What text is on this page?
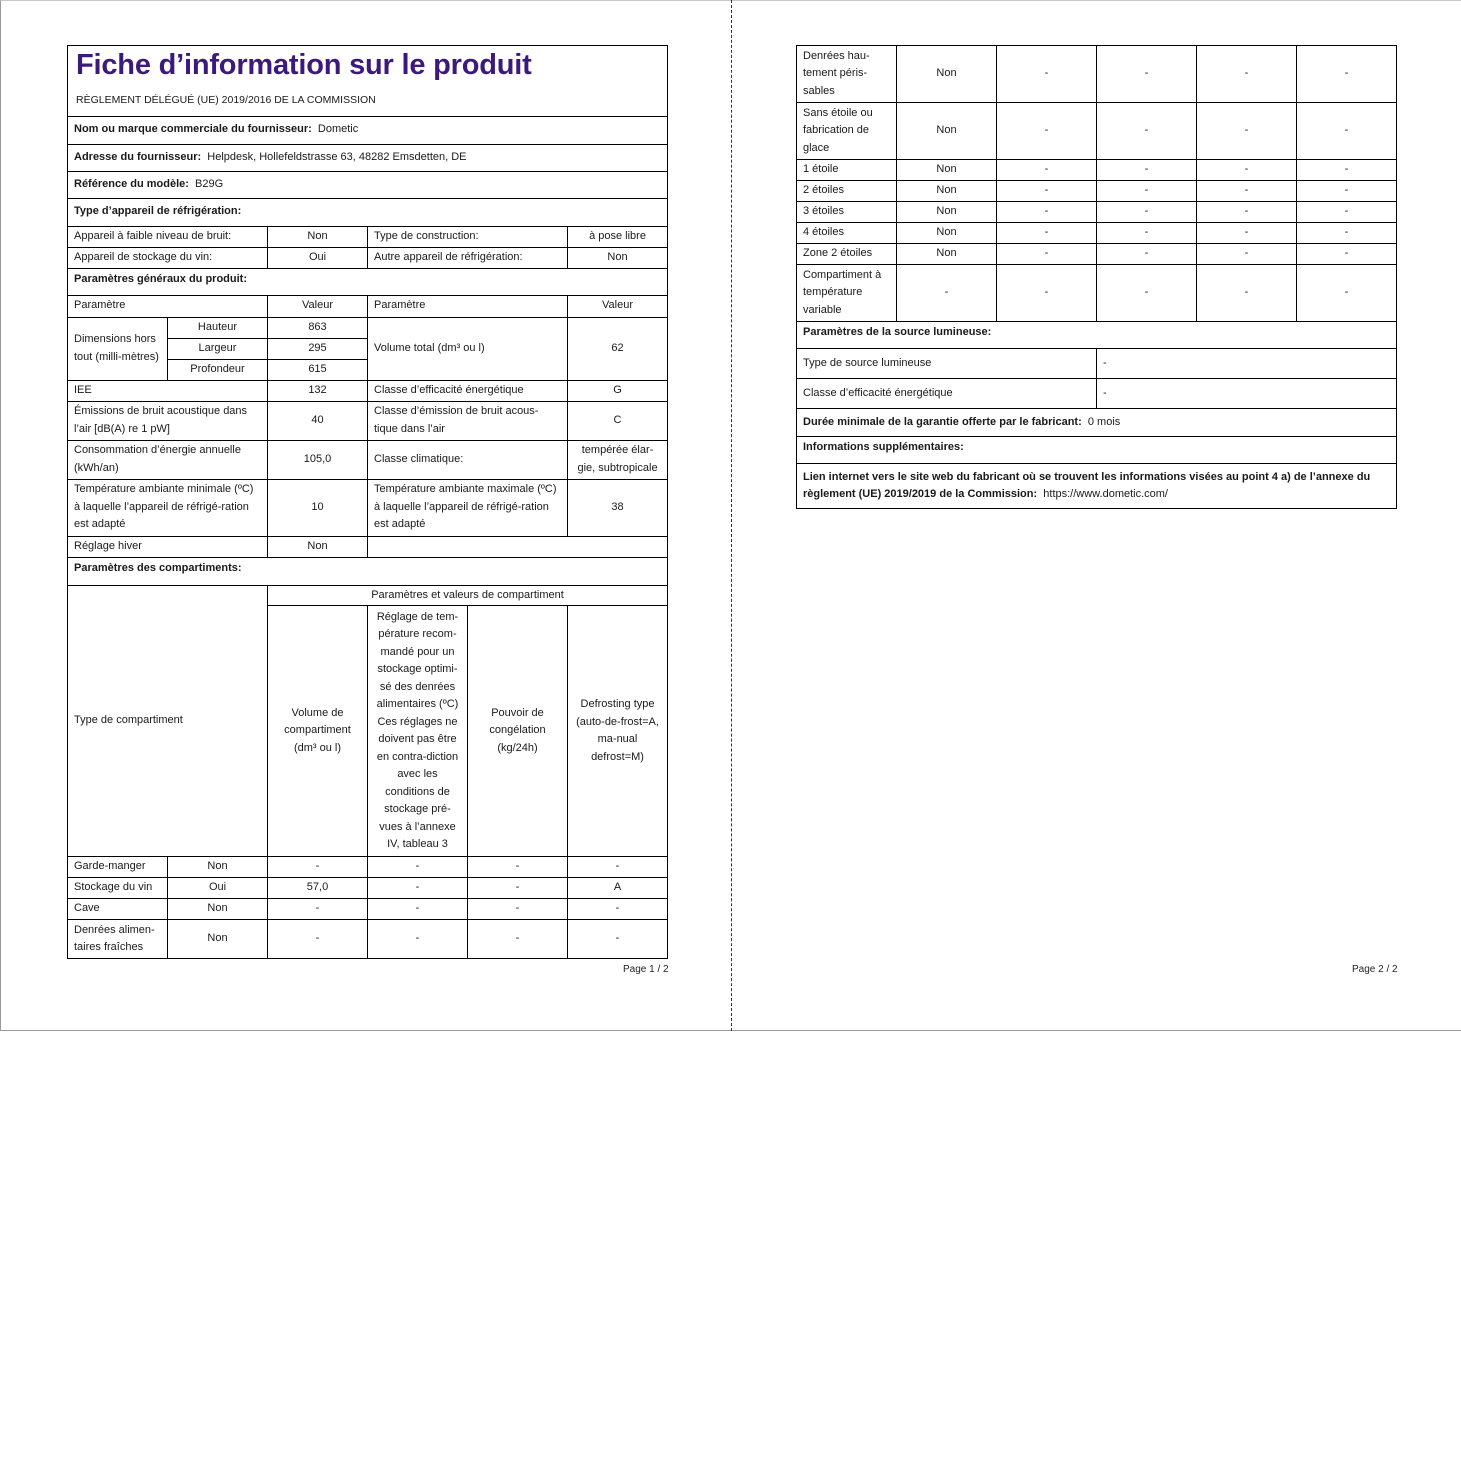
Fiche d’information sur le produit
RÈGLEMENT DÉLÉGUÉ (UE) 2019/2016 DE LA COMMISSION					

Nom ou marque commerciale du fournisseur: Dometic					
Adresse du fournisseur: Helpdesk, Hollefeldstrasse 63, 48282 Emsdetten, DE					
Référence du modèle: B29G					
Type d’appareil de réfrigération:					
Appareil à faible niveau de bruit:		Non	Type de construction:		à pose libre
Appareil de stockage du vin:		Oui	Autre appareil de réfrigération:		Non
Paramètres généraux du produit:					
Paramètre		Valeur	Paramètre		Valeur
Dimensions hors tout (milli-mètres)	Hauteur	863	Volume total (dm³ ou l)		62
	Largeur	295			
	Profondeur	615			
IEE		132	Classe d’efficacité énergétique		G
Émissions de bruit acoustique dans l’air [dB(A) re 1 pW]		40	Classe d’émission de bruit acous-tique dans l’air		C
Consommation d’énergie annuelle (kWh/an)		105,0	Classe climatique:		tempérée élar-gie, subtropicale
Température ambiante minimale (ºC) à laquelle l’appareil de réfrigé-ration est adapté		10	Température ambiante maximale (ºC) à laquelle l’appareil de réfrigé-ration est adapté		38
Réglage hiver		Non			
Paramètres des compartiments:					
Type de compartiment		Paramètres et valeurs de compartiment			
		Volume de compartiment (dm³ ou l)	Réglage de tem-pérature recom-mandé pour un stockage optimi-sé des denrées alimentaires (ºC) Ces réglages ne doivent pas être en contra-diction avec les conditions de stockage pré-vues à l’annexe IV, tableau 3	Pouvoir de congélation (kg/24h)	Defrosting type (auto-de-frost=A, ma-nual defrost=M)
Garde-manger	Non	-	-	-	-
Stockage du vin	Oui	57,0	-	-	A
Cave	Non	-	-	-	-
Denrées alimen-taires fraîches	Non	-	-	-	-
Page 1 / 2
Denrées hau-tement péris-sables	Non	-	-	-	-
Sans étoile ou fabrication de glace	Non	-	-	-	-
1 étoile	Non	-	-	-	-
2 étoiles	Non	-	-	-	-
3 étoiles	Non	-	-	-	-
4 étoiles	Non	-	-	-	-
Zone 2 étoiles	Non	-	-	-	-
Compartiment à température variable	-	-	-	-	-
Paramètres de la source lumineuse:					
Type de source lumineuse			-		
Classe d’efficacité énergétique			-		
Durée minimale de la garantie offerte par le fabricant: 0 mois					
Informations supplémentaires:					
Lien internet vers le site web du fabricant où se trouvent les informations visées au point 4 a) de l’annexe du règlement (UE) 2019/2019 de la Commission: https://www.dometic.com/					
Page 2 / 2
